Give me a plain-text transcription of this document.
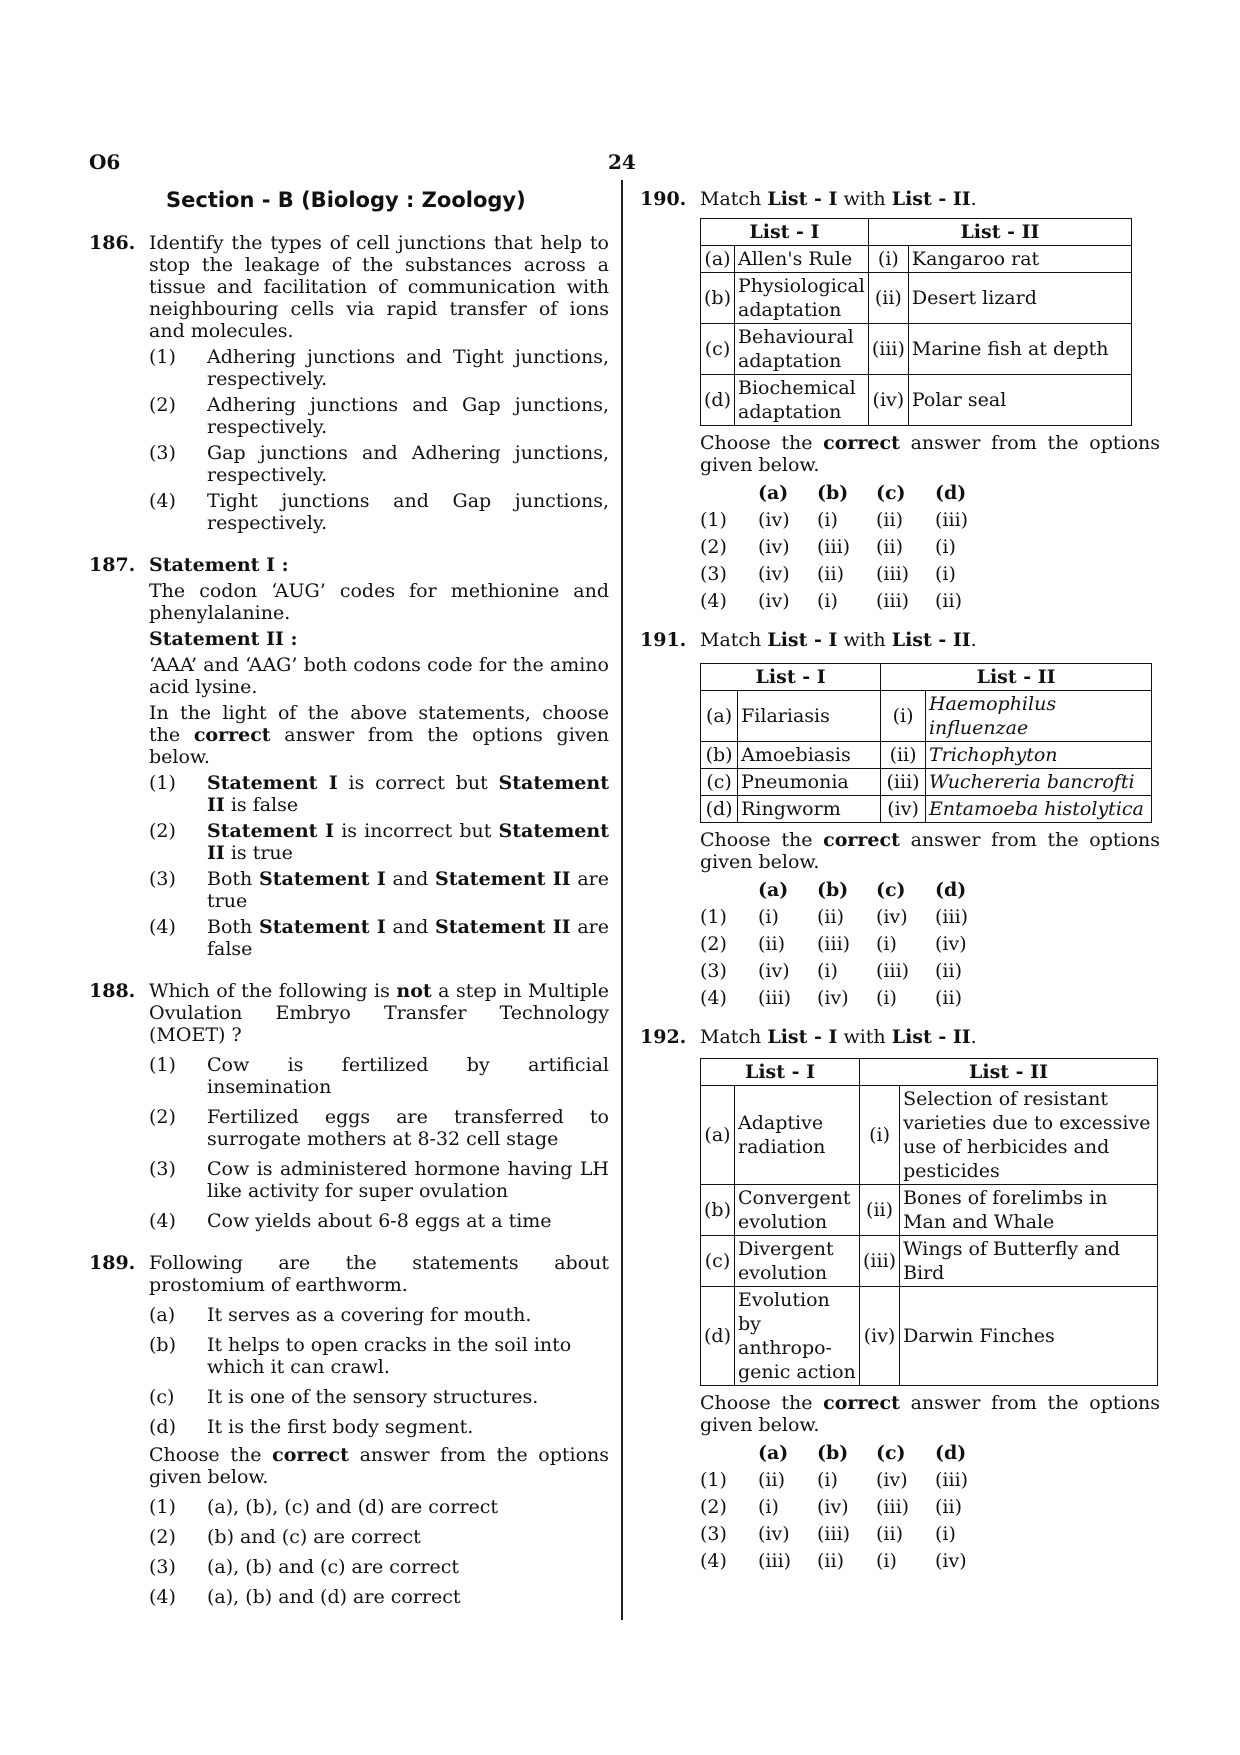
O6	24
Section - B (Biology : Zoology)
186. Identify the types of cell junctions that help to stop the leakage of the substances across a tissue and facilitation of communication with neighbouring cells via rapid transfer of ions and molecules.
(1)	Adhering junctions and Tight junctions, respectively.
(2)	Adhering junctions and Gap junctions, respectively.
(3)	Gap junctions and Adhering junctions, respectively.
(4)	Tight junctions and Gap junctions, respectively.
187. Statement I :
The codon ‘AUG’ codes for methionine and phenylalanine.
Statement II :
‘AAA’ and ‘AAG’ both codons code for the amino acid lysine.
In the light of the above statements, choose the correct answer from the options given below.
(1)	Statement I is correct but Statement II is false
(2)	Statement I is incorrect but Statement II is true
(3)	Both Statement I and Statement II are true
(4)	Both Statement I and Statement II are false
188. Which of the following is not a step in Multiple Ovulation Embryo Transfer Technology (MOET) ?
(1)	Cow is fertilized by artificial insemination
(2)	Fertilized eggs are transferred to surrogate mothers at 8-32 cell stage
(3)	Cow is administered hormone having LH like activity for super ovulation
(4)	Cow yields about 6-8 eggs at a time
189. Following are the statements about prostomium of earthworm.
(a)	It serves as a covering for mouth.
(b)	It helps to open cracks in the soil into which it can crawl.
(c)	It is one of the sensory structures.
(d)	It is the first body segment.
Choose the correct answer from the options given below.
(1)	(a), (b), (c) and (d) are correct
(2)	(b) and (c) are correct
(3)	(a), (b) and (c) are correct
(4)	(a), (b) and (d) are correct
190. Match List - I with List - II.
List - I		List - II	
(a)	Allen's Rule	(i)	Kangaroo rat
(b)	Physiological adaptation	(ii)	Desert lizard
(c)	Behavioural adaptation	(iii)	Marine fish at depth
(d)	Biochemical adaptation	(iv)	Polar seal
Choose the correct answer from the options given below.
(a)	(b)	(c)	(d)
(1)	(iv)	(i)	(ii)	(iii)
(2)	(iv)	(iii)	(ii)	(i)
(3)	(iv)	(ii)	(iii)	(i)
(4)	(iv)	(i)	(iii)	(ii)
191. Match List - I with List - II.
List - I		List - II	
(a)	Filariasis	(i)	Haemophilus influenzae
(b)	Amoebiasis	(ii)	Trichophyton
(c)	Pneumonia	(iii)	Wuchereria bancrofti
(d)	Ringworm	(iv)	Entamoeba histolytica
Choose the correct answer from the options given below.
(a)	(b)	(c)	(d)
(1)	(i)	(ii)	(iv)	(iii)
(2)	(ii)	(iii)	(i)	(iv)
(3)	(iv)	(i)	(iii)	(ii)
(4)	(iii)	(iv)	(i)	(ii)
192. Match List - I with List - II.
List - I		List - II	
(a)	Adaptive radiation	(i)	Selection of resistant varieties due to excessive use of herbicides and pesticides
(b)	Convergent evolution	(ii)	Bones of forelimbs in Man and Whale
(c)	Divergent evolution	(iii)	Wings of Butterfly and Bird
(d)	Evolution by anthropo-genic action	(iv)	Darwin Finches
Choose the correct answer from the options given below.
(a)	(b)	(c)	(d)
(1)	(ii)	(i)	(iv)	(iii)
(2)	(i)	(iv)	(iii)	(ii)
(3)	(iv)	(iii)	(ii)	(i)
(4)	(iii)	(ii)	(i)	(iv)
